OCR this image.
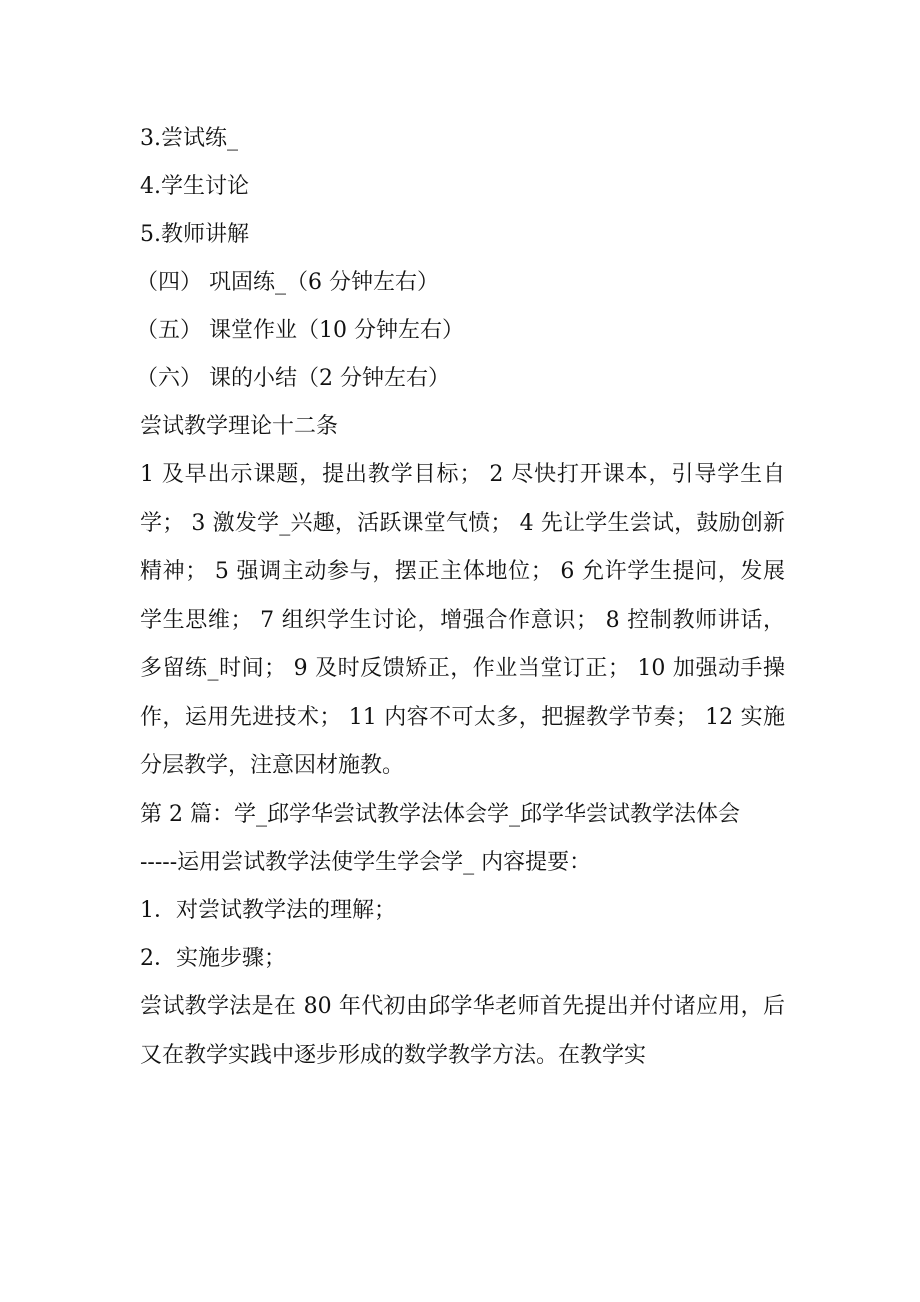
3.尝试练_
4.学生讨论
5.教师讲解
（四） 巩固练_（6 分钟左右）
（五） 课堂作业（10 分钟左右）
（六） 课的小结（2 分钟左右）
尝试教学理论十二条

1 及早出示课题，提出教学目标； 2 尽快打开课本，引导学生自学； 3 激发学_兴趣，活跃课堂气愤； 4 先让学生尝试，鼓励创新精神； 5 强调主动参与，摆正主体地位； 6 允许学生提问，发展学生思维； 7 组织学生讨论，增强合作意识； 8 控制教师讲话，多留练_时间； 9 及时反馈矫正，作业当堂订正； 10 加强动手操作，运用先进技术； 11 内容不可太多，把握教学节奏； 12 实施分层教学，注意因材施教。

第 2 篇：学_邱学华尝试教学法体会学_邱学华尝试教学法体会

-----运用尝试教学法使学生学会学_ 内容提要：
1．对尝试教学法的理解；
2．实施步骤；

尝试教学法是在 80 年代初由邱学华老师首先提出并付诸应用，后又在教学实践中逐步形成的数学教学方法。在教学实
